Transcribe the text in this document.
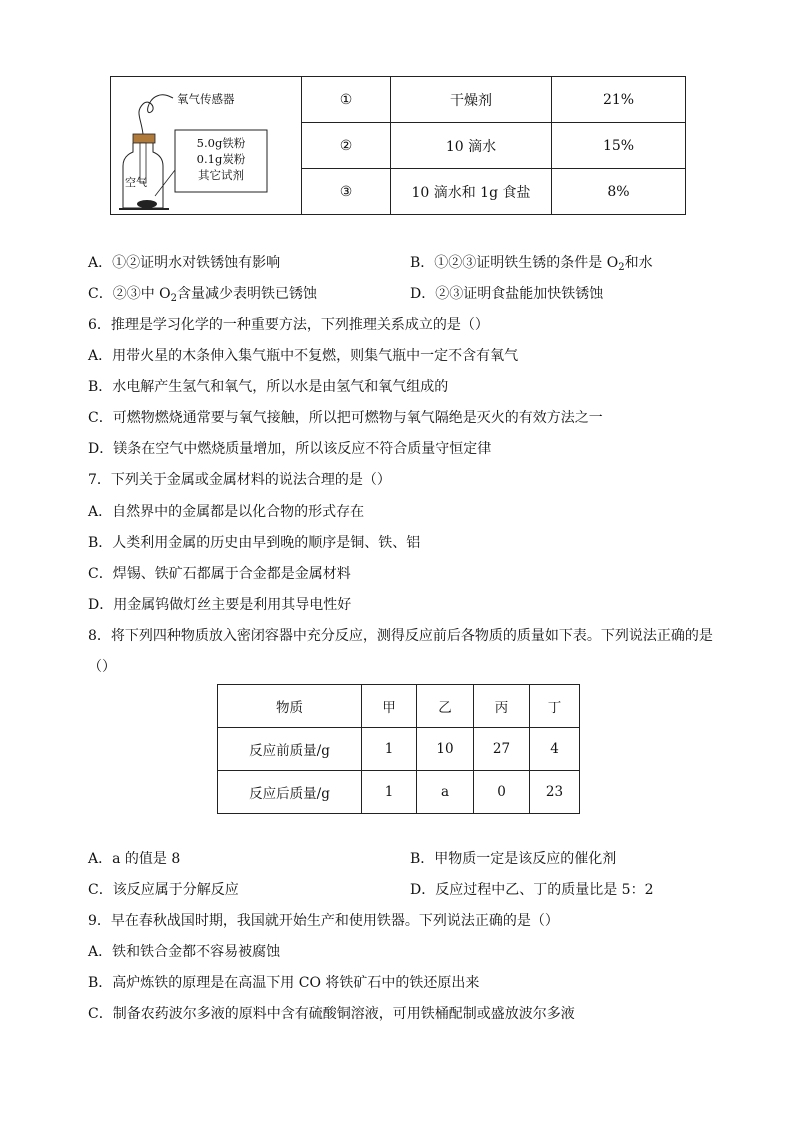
氧气传感器
5.0g铁粉
0.1g炭粉
其它试剂
空气	①	干燥剂	21%
	②	10 滴水	15%
	③	10 滴水和 1g 食盐	8%
A．①②证明水对铁锈蚀有影响	B．①②③证明铁生锈的条件是 $O_2$和水
C．②③中 $O_2$含量减少表明铁已锈蚀	D．②③证明食盐能加快铁锈蚀
6．推理是学习化学的一种重要方法，下列推理关系成立的是（）
A．用带火星的木条伸入集气瓶中不复燃，则集气瓶中一定不含有氧气
B．水电解产生氢气和氧气，所以水是由氢气和氧气组成的
C．可燃物燃烧通常要与氧气接触，所以把可燃物与氧气隔绝是灭火的有效方法之一
D．镁条在空气中燃烧质量增加，所以该反应不符合质量守恒定律
7．下列关于金属或金属材料的说法合理的是（）
A．自然界中的金属都是以化合物的形式存在
B．人类利用金属的历史由早到晚的顺序是铜、铁、铝
C．焊锡、铁矿石都属于合金都是金属材料
D．用金属钨做灯丝主要是利用其导电性好
8．将下列四种物质放入密闭容器中充分反应，测得反应前后各物质的质量如下表。下列说法正确的是
（）
物质	甲	乙	丙	丁
反应前质量/g	1	10	27	4
反应后质量/g	1	a	0	23
A．a 的值是 8	B．甲物质一定是该反应的催化剂
C．该反应属于分解反应	D．反应过程中乙、丁的质量比是 5：2
9．早在春秋战国时期，我国就开始生产和使用铁器。下列说法正确的是（）
A．铁和铁合金都不容易被腐蚀
B．高炉炼铁的原理是在高温下用 CO 将铁矿石中的铁还原出来
C．制备农药波尔多液的原料中含有硫酸铜溶液，可用铁桶配制或盛放波尔多液
